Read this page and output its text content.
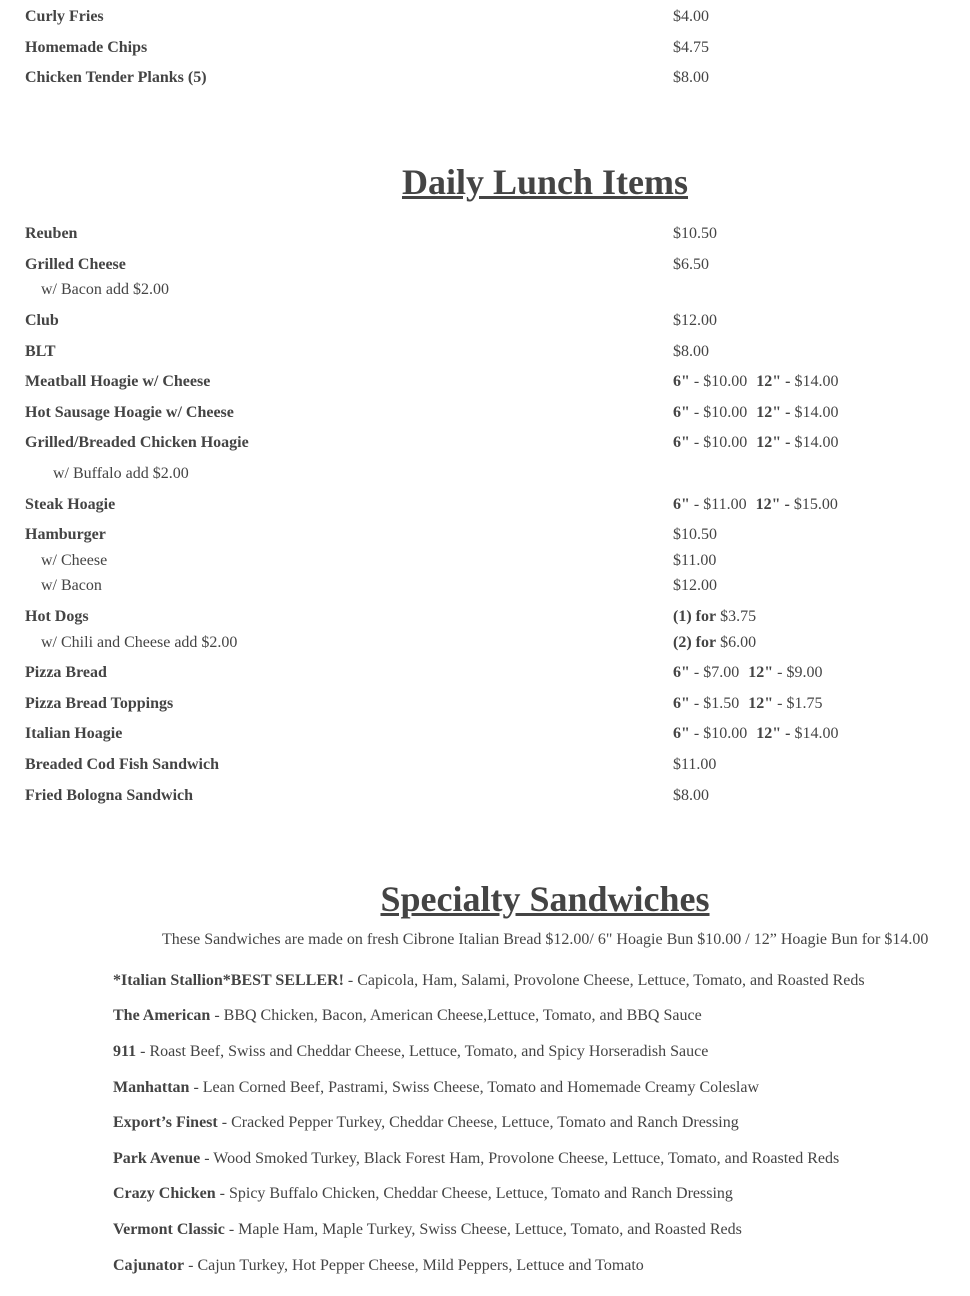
Curly Fries	$4.00
Homemade Chips	$4.75
Chicken Tender Planks (5)	$8.00
Daily Lunch Items
Reuben	$10.50
Grilled Cheese	$6.50
w/ Bacon add $2.00
Club	$12.00
BLT	$8.00
Meatball Hoagie w/ Cheese	6" - $10.00 12" - $14.00
Hot Sausage Hoagie w/ Cheese	6" - $10.00 12" - $14.00
Grilled/Breaded Chicken Hoagie	6" - $10.00 12" - $14.00
w/ Buffalo add $2.00
Steak Hoagie	6" - $11.00 12" - $15.00
Hamburger	$10.50
w/ Cheese	$11.00
w/ Bacon	$12.00
Hot Dogs	(1) for $3.75
w/ Chili and Cheese add $2.00	(2) for $6.00
Pizza Bread	6" - $7.00 12" - $9.00
Pizza Bread Toppings	6" - $1.50 12" - $1.75
Italian Hoagie	6" - $10.00 12" - $14.00
Breaded Cod Fish Sandwich	$11.00
Fried Bologna Sandwich	$8.00
Specialty Sandwiches
These Sandwiches are made on fresh Cibrone Italian Bread $12.00/ 6" Hoagie Bun $10.00 / 12” Hoagie Bun for $14.00
*Italian Stallion*BEST SELLER! - Capicola, Ham, Salami, Provolone Cheese, Lettuce, Tomato, and Roasted Reds
The American - BBQ Chicken, Bacon, American Cheese,Lettuce, Tomato, and BBQ Sauce
911 - Roast Beef, Swiss and Cheddar Cheese, Lettuce, Tomato, and Spicy Horseradish Sauce
Manhattan - Lean Corned Beef, Pastrami, Swiss Cheese, Tomato and Homemade Creamy Coleslaw
Export’s Finest - Cracked Pepper Turkey, Cheddar Cheese, Lettuce, Tomato and Ranch Dressing
Park Avenue - Wood Smoked Turkey, Black Forest Ham, Provolone Cheese, Lettuce, Tomato, and Roasted Reds
Crazy Chicken - Spicy Buffalo Chicken, Cheddar Cheese, Lettuce, Tomato and Ranch Dressing
Vermont Classic - Maple Ham, Maple Turkey, Swiss Cheese, Lettuce, Tomato, and Roasted Reds
Cajunator - Cajun Turkey, Hot Pepper Cheese, Mild Peppers, Lettuce and Tomato
